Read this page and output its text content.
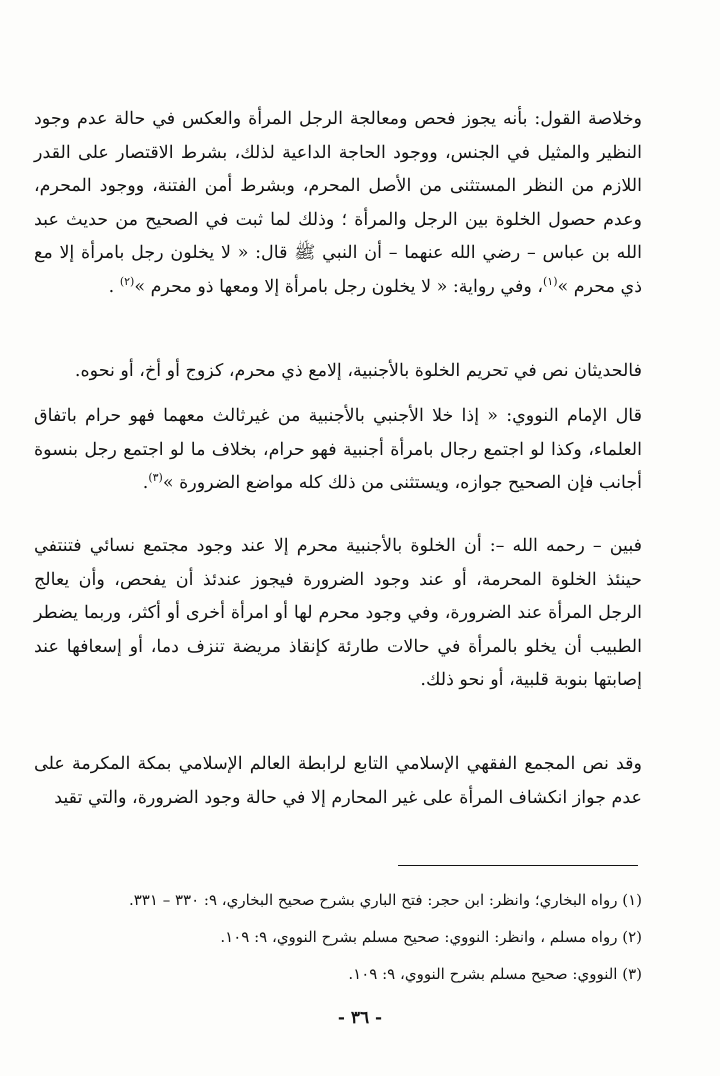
وخلاصة القول: بأنه يجوز فحص ومعالجة الرجل المرأة والعكس في حالة عدم وجود النظير والمثيل في الجنس، ووجود الحاجة الداعية لذلك، بشرط الاقتصار على القدر اللازم من النظر المستثنى من الأصل المحرم، وبشرط أمن الفتنة، ووجود المحرم، وعدم حصول الخلوة بين الرجل والمرأة ؛ وذلك لما ثبت في الصحيح من حديث عبد الله بن عباس – رضي الله عنهما – أن النبي ﷺ قال: « لا يخلون رجل بامرأة إلا مع ذي محرم »$^{(١)}$، وفي رواية: « لا يخلون رجل بامرأة إلا ومعها ذو محرم »$^{(٢)}$ .

فالحديثان نص في تحريم الخلوة بالأجنبية، إلامع ذي محرم، كزوج أو أخ، أو نحوه.

قال الإمام النووي: « إذا خلا الأجنبي بالأجنبية من غيرثالث معهما فهو حرام باتفاق العلماء، وكذا لو اجتمع رجال بامرأة أجنبية فهو حرام، بخلاف ما لو اجتمع رجل بنسوة أجانب فإن الصحيح جوازه، ويستثنى من ذلك كله مواضع الضرورة »$^{(٣)}$.

فبين – رحمه الله –: أن الخلوة بالأجنبية محرم إلا عند وجود مجتمع نسائي فتنتفي حينئذ الخلوة المحرمة، أو عند وجود الضرورة فيجوز عندئذ أن يفحص، وأن يعالج الرجل المرأة عند الضرورة، وفي وجود محرم لها أو امرأة أخرى أو أكثر، وربما يضطر الطبيب أن يخلو بالمرأة في حالات طارئة كإنقاذ مريضة تنزف دما، أو إسعافها عند إصابتها بنوبة قلبية، أو نحو ذلك.

وقد نص المجمع الفقهي الإسلامي التابع لرابطة العالم الإسلامي بمكة المكرمة على عدم جواز انكشاف المرأة على غير المحارم إلا في حالة وجود الضرورة، والتي تقيد

(١) رواه البخاري؛ وانظر: ابن حجر: فتح الباري بشرح صحيح البخاري، ٩: ٣٣٠ – ٣٣١.

(٢) رواه مسلم ، وانظر: النووي: صحيح مسلم بشرح النووي، ٩: ١٠٩.

(٣) النووي: صحيح مسلم بشرح النووي، ٩: ١٠٩.

- ٣٦ -
